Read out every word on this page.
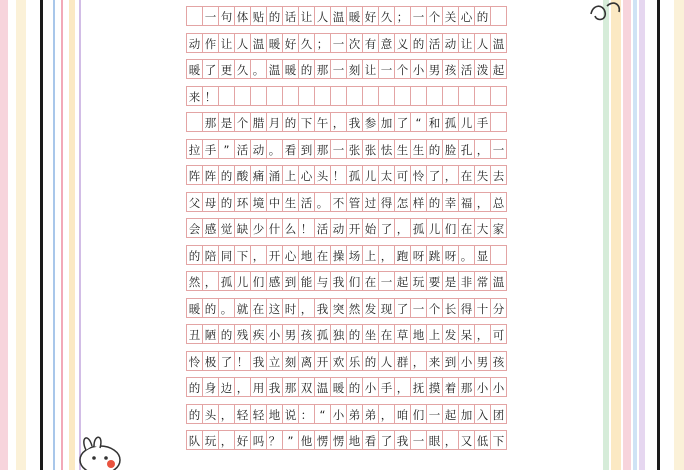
一 句 体 贴 的 话 让 人 温 暖 好 久 ； 一 个 关 心 的
动 作 让 人 温 暖 好 久 ； 一 次 有 意 义 的 活 动 让 人 温
暖 了 更 久 。 温 暖 的 那 一 刻 让 一 个 小 男 孩 活 泼 起
来 ！
那 是 个 腊 月 的 下 午 ， 我 参 加 了 “ 和 孤 儿 手
拉 手 ” 活 动 。 看 到 那 一 张 张 怯 生 生 的 脸 孔 ， 一
阵 阵 的 酸 痛 涌 上 心 头 ！ 孤 儿 太 可 怜 了 ， 在 失 去
父 母 的 环 境 中 生 活 。 不 管 过 得 怎 样 的 幸 福 ， 总
会 感 觉 缺 少 什 么 ！ 活 动 开 始 了 ， 孤 儿 们 在 大 家
的 陪 同 下 ， 开 心 地 在 操 场 上 ， 跑 呀 跳 呀 。 显
然 ， 孤 儿 们 感 到 能 与 我 们 在 一 起 玩 要 是 非 常 温
暖 的 。 就 在 这 时 ， 我 突 然 发 现 了 一 个 长 得 十 分
丑 陋 的 残 疾 小 男 孩 孤 独 的 坐 在 草 地 上 发 呆 ， 可
怜 极 了 ！ 我 立 刻 离 开 欢 乐 的 人 群 ， 来 到 小 男 孩
的 身 边 ， 用 我 那 双 温 暖 的 小 手 ， 抚 摸 着 那 小 小
的 头 ， 轻 轻 地 说 ： “ 小 弟 弟 ， 咱 们 一 起 加 入 团
队 玩 ， 好 吗 ？ ” 他 愣 愣 地 看 了 我 一 眼 ， 又 低 下
